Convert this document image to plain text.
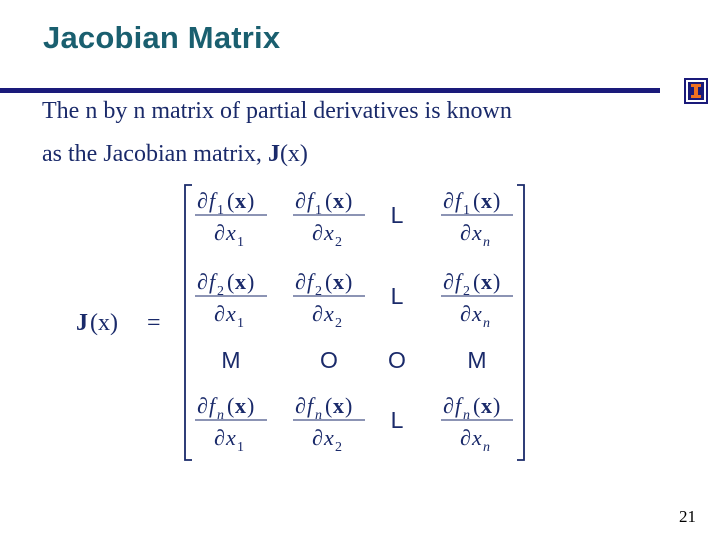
Jacobian Matrix
The n by n matrix of partial derivatives is known
as the Jacobian matrix, J(x)
J (x) =
∂ f 1 ( x )
∂ x 1
∂ f 1 ( x )
∂ x 2
L
∂ f 1 ( x )
∂ x n
∂ f 2 ( x )
∂ x 1
∂ f 2 ( x )
∂ x 2
L
∂ f 2 ( x )
∂ x n
M	O O	M
∂ f n ( x )
∂ x 1
∂ f n ( x )
∂ x 2
L
∂ f n ( x )
∂ x n
21
